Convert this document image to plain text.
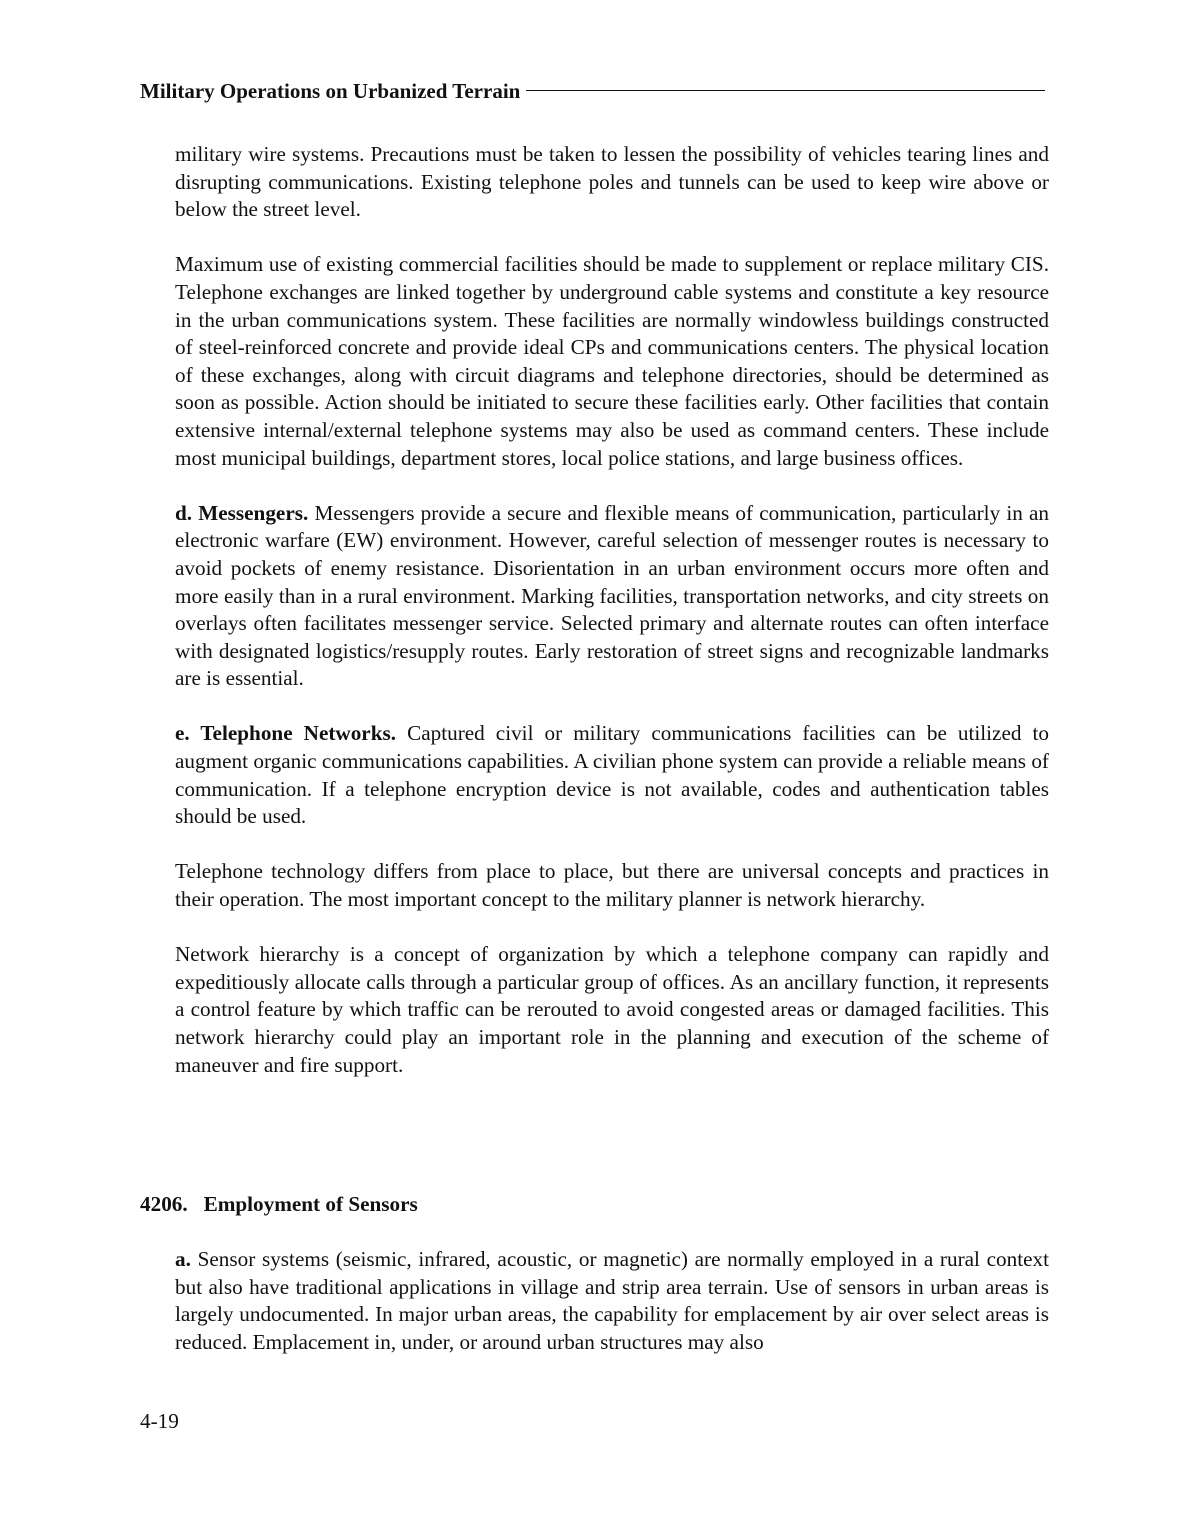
Military Operations on Urbanized Terrain

military wire systems. Precautions must be taken to lessen the possibility of vehicles tearing lines and disrupting communications. Existing telephone poles and tunnels can be used to keep wire above or below the street level.

Maximum use of existing commercial facilities should be made to supplement or replace military CIS. Telephone exchanges are linked together by underground cable systems and constitute a key resource in the urban communications system. These facilities are normally windowless buildings constructed of steel-reinforced concrete and provide ideal CPs and communications centers. The physical location of these exchanges, along with circuit diagrams and telephone directories, should be determined as soon as possible. Action should be initiated to secure these facilities early. Other facilities that contain extensive internal/external telephone systems may also be used as command centers. These include most municipal buildings, department stores, local police stations, and large business offices.

d. Messengers. Messengers provide a secure and flexible means of communication, particularly in an electronic warfare (EW) environment. However, careful selection of messenger routes is necessary to avoid pockets of enemy resistance. Disorientation in an urban environment occurs more often and more easily than in a rural environment. Marking facilities, transportation networks, and city streets on overlays often facilitates messenger service. Selected primary and alternate routes can often interface with designated logistics/resupply routes. Early restoration of street signs and recognizable landmarks are is essential.

e. Telephone Networks. Captured civil or military communications facilities can be utilized to augment organic communications capabilities. A civilian phone system can provide a reliable means of communication. If a telephone encryption device is not available, codes and authentication tables should be used.

Telephone technology differs from place to place, but there are universal concepts and practices in their operation. The most important concept to the military planner is network hierarchy.

Network hierarchy is a concept of organization by which a telephone company can rapidly and expeditiously allocate calls through a particular group of offices. As an ancillary function, it represents a control feature by which traffic can be rerouted to avoid congested areas or damaged facilities. This network hierarchy could play an important role in the planning and execution of the scheme of maneuver and fire support.

4206.   Employment of Sensors

a. Sensor systems (seismic, infrared, acoustic, or magnetic) are normally employed in a rural context but also have traditional applications in village and strip area terrain. Use of sensors in urban areas is largely undocumented. In major urban areas, the capability for emplacement by air over select areas is reduced. Emplacement in, under, or around urban structures may also

4-19
